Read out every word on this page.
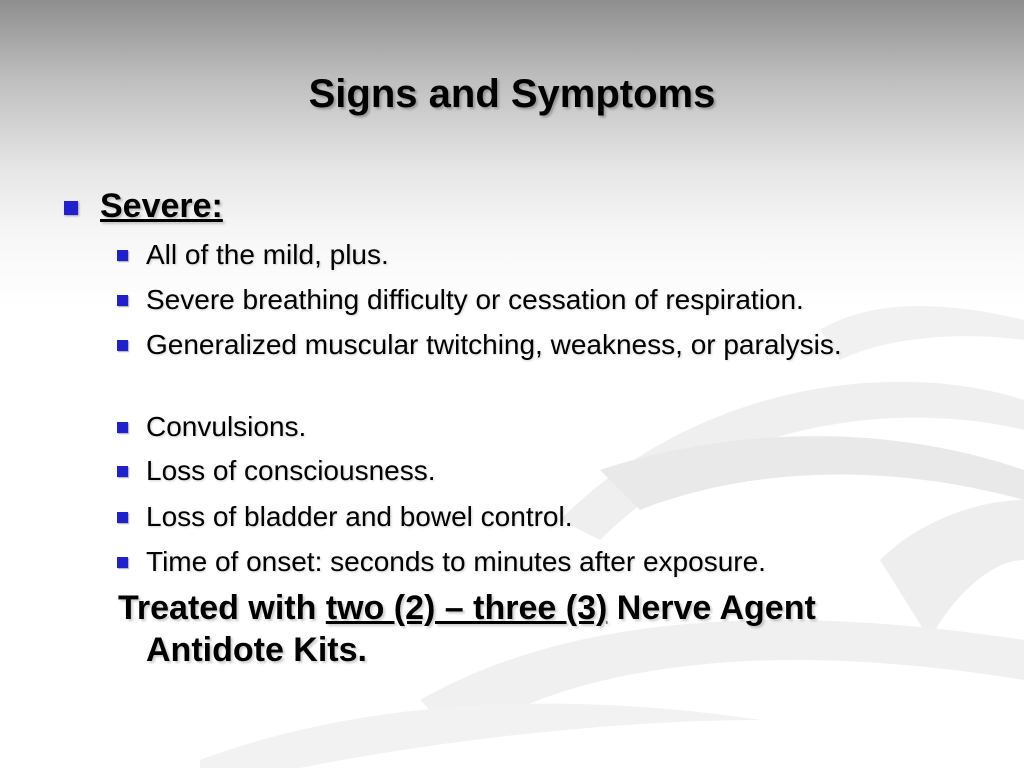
Signs and Symptoms
Severe:
All of the mild, plus.
Severe breathing difficulty or cessation of respiration.
Generalized muscular twitching, weakness, or paralysis.
Convulsions.
Loss of consciousness.
Loss of bladder and bowel control.
Time of onset: seconds to minutes after exposure.
Treated with two (2) – three (3) Nerve Agent
Antidote Kits.
